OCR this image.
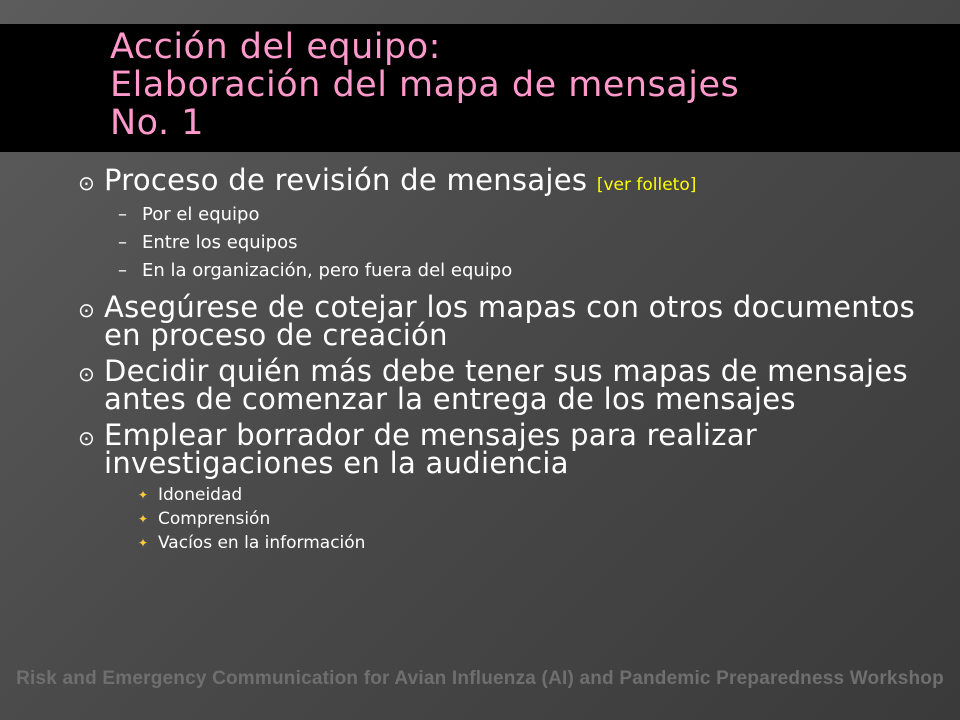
Acción del equipo:
Elaboración del mapa de mensajes
No. 1
⊙ Proceso de revisión de mensajes [ver folleto]
– Por el equipo
– Entre los equipos
– En la organización, pero fuera del equipo
⊙ Asegúrese de cotejar los mapas con otros documentos en proceso de creación
⊙ Decidir quién más debe tener sus mapas de mensajes antes de comenzar la entrega de los mensajes
⊙ Emplear borrador de mensajes para realizar investigaciones en la audiencia
✦ Idoneidad
✦ Comprensión
✦ Vacíos en la información
Risk and Emergency Communication for Avian Influenza (AI) and Pandemic Preparedness Workshop
